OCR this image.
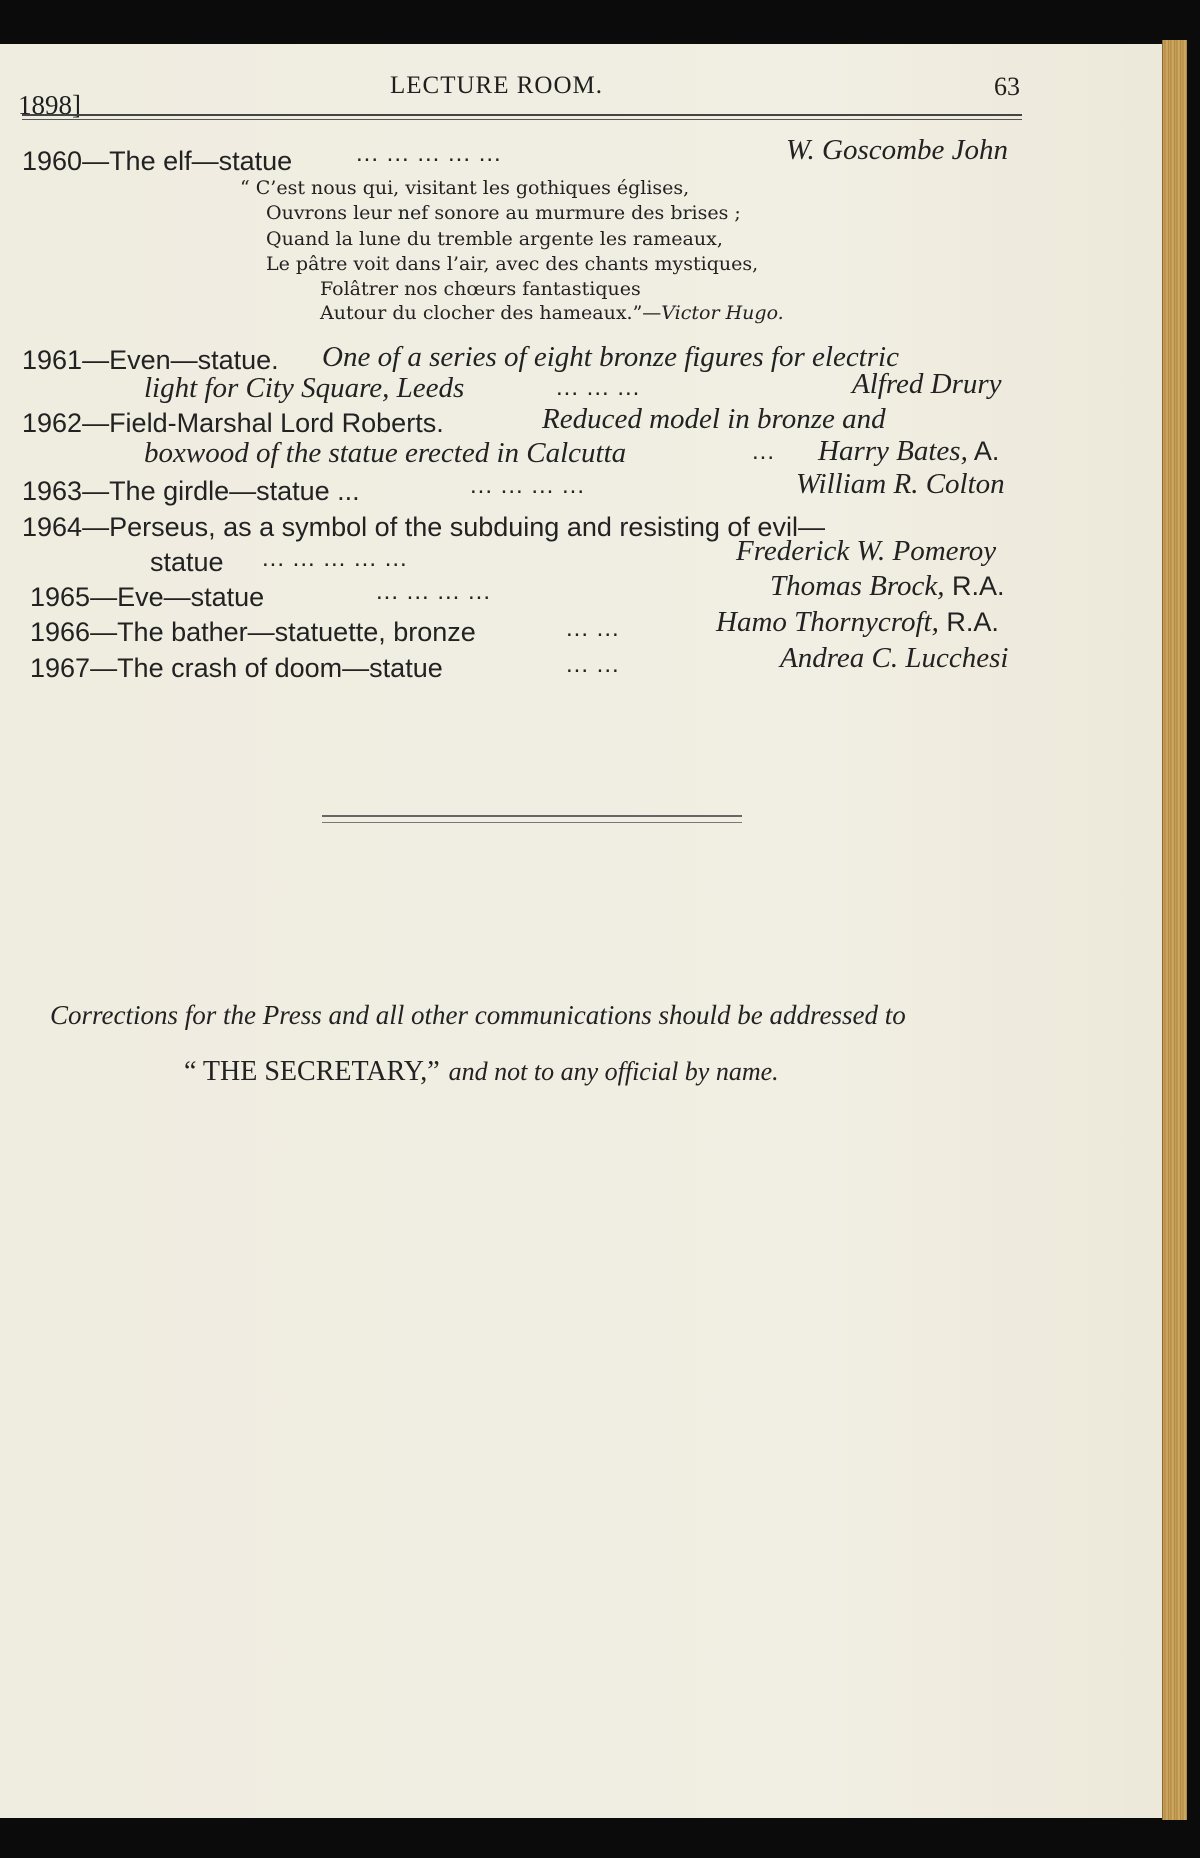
1898]
LECTURE ROOM.	63
1960—The elf—statue	... ... ... ... ...	W. Goscombe John
“ C’est nous qui, visitant les gothiques églises,
Ouvrons leur nef sonore au murmure des brises ;
Quand la lune du tremble argente les rameaux,
Le pâtre voit dans l’air, avec des chants mystiques,
Folâtrer nos chœurs fantastiques
Autour du clocher des hameaux.”—Victor Hugo.
1961—Even—statue. One of a series of eight bronze figures for electric
light for City Square, Leeds	... ... ...	Alfred Drury
1962—Field-Marshal Lord Roberts.	Reduced model in bronze and
boxwood of the statue erected in Calcutta	... Harry Bates, A.
1963—The girdle—statue ...	... ... ... ...	William R. Colton
1964—Perseus, as a symbol of the subduing and resisting of evil—
statue ... ... ... ... ...	Frederick W. Pomeroy
1965—Eve—statue	... ... ... ...	Thomas Brock, R.A.
1966—The bather—statuette, bronze	... ...	Hamo Thornycroft, R.A.
1967—The crash of doom—statue	... ...	Andrea C. Lucchesi
Corrections for the Press and all other communications should be addressed to
“ THE SECRETARY,” and not to any official by name.
